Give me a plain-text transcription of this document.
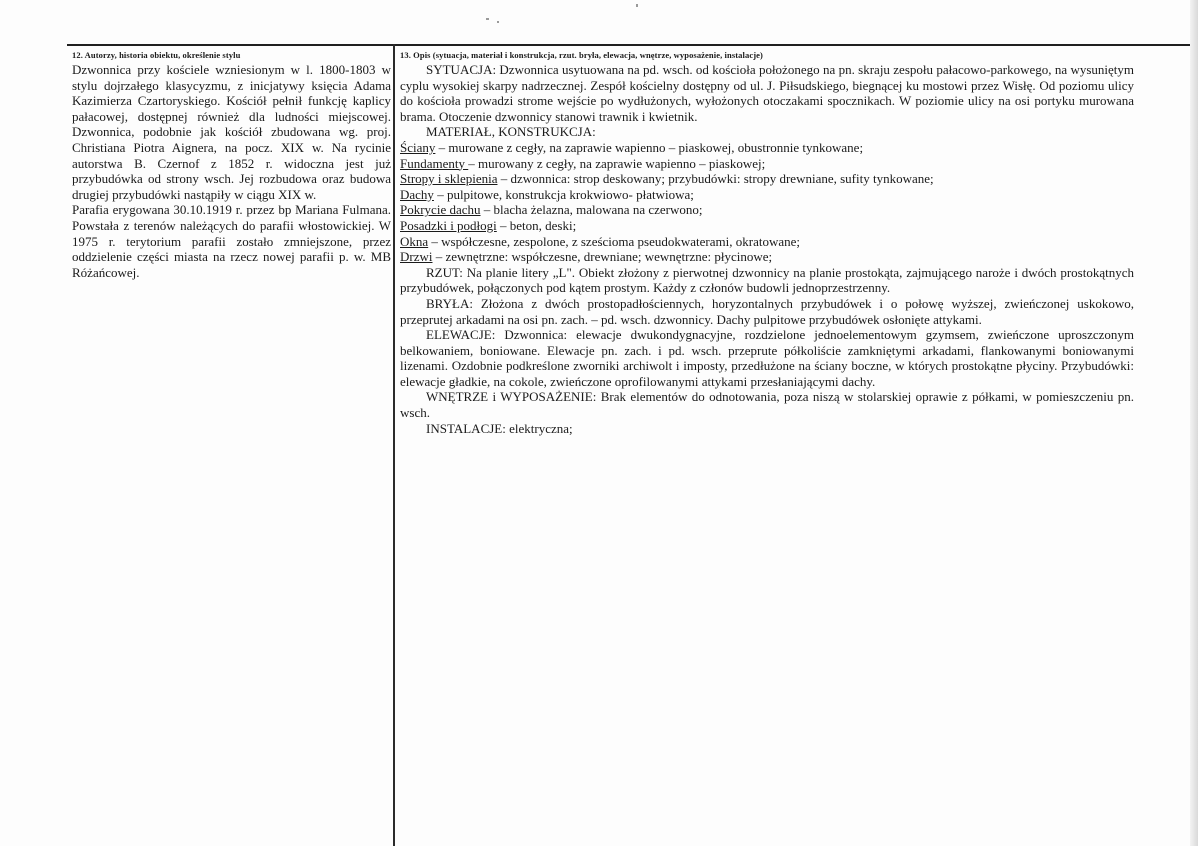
12. Autorzy, historia obiektu, określenie stylu

Dzwonnica przy kościele wzniesionym w l. 1800-1803 w stylu dojrzałego klasycyzmu, z inicjatywy księcia Adama Kazimierza Czartoryskiego. Kościół pełnił funkcję kaplicy pałacowej, dostępnej również dla ludności miejscowej. Dzwonnica, podobnie jak kościół zbudowana wg. proj. Christiana Piotra Aignera, na pocz. XIX w. Na rycinie autorstwa B. Czernof z 1852 r. widoczna jest już przybudówka od strony wsch. Jej rozbudowa oraz budowa drugiej przybudówki nastąpiły w ciągu XIX w.

Parafia erygowana 30.10.1919 r. przez bp Mariana Fulmana. Powstała z terenów należących do parafii włostowickiej. W 1975 r. terytorium parafii zostało zmniejszone, przez oddzielenie części miasta na rzecz nowej parafii p. w. MB Różańcowej.

13. Opis (sytuacja, materiał i konstrukcja, rzut. bryła, elewacja, wnętrze, wyposażenie, instalacje)

SYTUACJA: Dzwonnica usytuowana na pd. wsch. od kościoła położonego na pn. skraju zespołu pałacowo-parkowego, na wysuniętym cyplu wysokiej skarpy nadrzecznej. Zespół kościelny dostępny od ul. J. Piłsudskiego, biegnącej ku mostowi przez Wisłę. Od poziomu ulicy do kościoła prowadzi strome wejście po wydłużonych, wyłożonych otoczakami spocznikach. W poziomie ulicy na osi portyku murowana brama. Otoczenie dzwonnicy stanowi trawnik i kwietnik.

MATERIAŁ, KONSTRUKCJA:

Ściany – murowane z cegły, na zaprawie wapienno – piaskowej, obustronnie tynkowane;

Fundamenty – murowany z cegły, na zaprawie wapienno – piaskowej;

Stropy i sklepienia – dzwonnica: strop deskowany; przybudówki: stropy drewniane, sufity tynkowane;

Dachy – pulpitowe, konstrukcja krokwiowo- płatwiowa;

Pokrycie dachu – blacha żelazna, malowana na czerwono;

Posadzki i podłogi – beton, deski;

Okna – współczesne, zespolone, z sześcioma pseudokwaterami, okratowane;

Drzwi – zewnętrzne: współczesne, drewniane; wewnętrzne: płycinowe;

RZUT: Na planie litery „L". Obiekt złożony z pierwotnej dzwonnicy na planie prostokąta, zajmującego naroże i dwóch prostokątnych przybudówek, połączonych pod kątem prostym. Każdy z członów budowli jednoprzestrzenny.

BRYŁA: Złożona z dwóch prostopadłościennych, horyzontalnych przybudówek i o połowę wyższej, zwieńczonej uskokowo, przeprutej arkadami na osi pn. zach. – pd. wsch. dzwonnicy. Dachy pulpitowe przybudówek osłonięte attykami.

ELEWACJE: Dzwonnica: elewacje dwukondygnacyjne, rozdzielone jednoelementowym gzymsem, zwieńczone uproszczonym belkowaniem, boniowane. Elewacje pn. zach. i pd. wsch. przeprute półkoliście zamkniętymi arkadami, flankowanymi boniowanymi lizenami. Ozdobnie podkreślone zworniki archiwolt i imposty, przedłużone na ściany boczne, w których prostokątne płyciny. Przybudówki: elewacje gładkie, na cokole, zwieńczone oprofilowanymi attykami przesłaniającymi dachy.

WNĘTRZE i WYPOSAŻENIE: Brak elementów do odnotowania, poza niszą w stolarskiej oprawie z półkami, w pomieszczeniu pn. wsch.

INSTALACJE: elektryczna;
